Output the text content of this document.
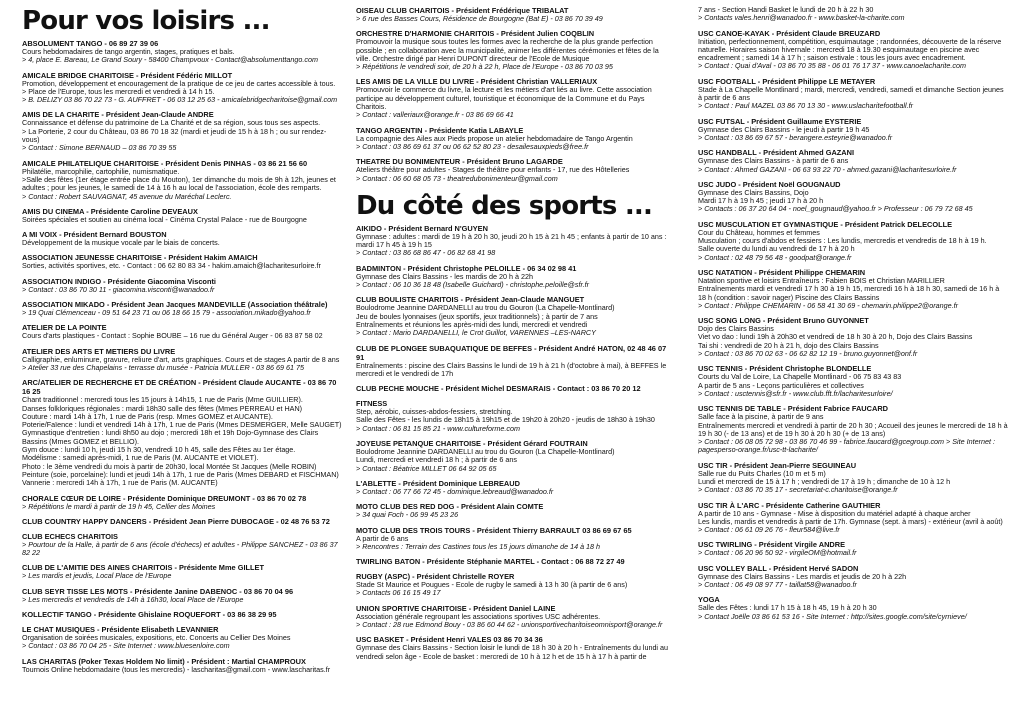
Pour vos loisirs ...
ABSOLUMENT TANGO - 06 89 27 39 06
Cours hebdomadaires de tango argentin, stages, pratiques et bals.
> 4, place E. Bareau, Le Grand Soury - 58400 Champvoux - Contact@absolumenttango.com
AMICALE BRIDGE CHARITOISE - Président Fédéric MILLOT
Promotion, développement et encouragement de la pratique de ce jeu de cartes accessible à tous.
> Place de l'Europe, tous les mercredi et vendredi à 14 h 15.
> B. DELIZY 03 86 70 22 73 - G. AUFFRET - 06 03 12 25 63 - amicalebridgecharitoise@gmail.com
AMIS DE LA CHARITE - Président Jean-Claude ANDRE
Connaissance et défense du patrimoine de La Charité et de sa région, sous tous ses aspects.
> La Porterie, 2 cour du Château, 03 86 70 18 32 (mardi et jeudi de 15 h à 18 h ; ou sur rendez-vous)
> Contact : Simone BERNAUD – 03 86 70 39 55
AMICALE PHILATELIQUE CHARITOISE - Président Denis PINHAS - 03 86 21 56 60
Philatélie, marcophilie, cartophilie, numismatique.
>Salle des fêtes (1er étage entrée place du Mouton), 1er dimanche du mois de 9h à 12h, jeunes et adultes ; pour les jeunes, le samedi de 14 à 16 h au local de l'association, école des remparts.
> Contact : Robert SAUVAGNAT, 45 avenue du Maréchal Leclerc.
AMIS DU CINEMA - Présidente Caroline DEVEAUX
Soirées spéciales et soutien au cinéma local - Cinéma Crystal Palace - rue de Bourgogne
A MI VOIX - Président Bernard BOUSTON
Développement de la musique vocale par le biais de concerts.
ASSOCIATION JEUNESSE CHARITOISE - Président Hakim AMAICH
Sorties, activités sportives, etc. - Contact : 06 62 80 83 34 - hakim.amaich@lacharitesurloire.fr
ASSOCIATION INDIGO - Présidente Giacomina Visconti
> Contact : 03 86 70 30 11 - giacomina.visconti@wanadoo.fr
ASSOCIATION MIKADO - Président Jean Jacques MANDEVILLE (Association théâtrale)
> 19 Quai Clémenceau - 09 51 64 23 71 ou 06 18 66 15 79 - association.mikado@yahoo.fr
ATELIER DE LA POINTE
Cours d'arts plastiques - Contact : Sophie BOUBE – 16 rue du Général Auger - 06 83 87 58 02
ATELIER DES ARTS ET METIERS DU LIVRE
Calligraphie, enluminure, gravure, reliure d'art, arts graphiques. Cours et de stages A partir de 8 ans
> Atelier 33 rue des Chapelains - terrasse du musée - Patricia MULLER - 03 86 69 61 75
ARC/ATELIER DE RECHERCHE ET DE CRÉATION - Président Claude AUCANTE - 03 86 70 16 25
Chant traditionnel : mercredi tous les 15 jours à 14h15, 1 rue de Paris (Mme GUILLIER).
Danses folkloriques régionales : mardi 18h30 salle des fêtes (Mmes PERREAU et HAN)
Couture : mardi 14h à 17h, 1 rue de Paris (resp. Mmes GOMEZ et AUCANTE).
Poterie/Faïence : lundi et vendredi 14h à 17h, 1 rue de Paris (Mmes DESMERGER, Melle SAUGET)
Gymnastique d'entretien : lundi 8h50 au dojo ; mercredi 18h et 19h Dojo-Gymnase des Clairs Bassins (Mmes GOMEZ et BELLIO).
Gym douce : lundi 10 h, jeudi 15 h 30, vendredi 10 h 45, salle des Fêtes au 1er étage.
Modélisme : samedi après-midi, 1 rue de Paris (M. AUCANTE et VIOLET).
Photo : le 3ème vendredi du mois à partir de 20h30, local Montée St Jacques (Melle ROBIN)
Peinture (soie, porcelaine): lundi et jeudi 14h à 17h, 1 rue de Paris (Mmes DEBARD et FISCHMAN)
Vannerie : mercredi 14h à 17h, 1 rue de Paris (M. AUCANTE)
CHORALE CŒUR DE LOIRE - Présidente Dominique DREUMONT - 03 86 70 02 78
> Répétitions le mardi à partir de 19 h 45, Cellier des Moines
CLUB COUNTRY HAPPY DANCERS - Président Jean Pierre DUBOCAGE - 02 48 76 53 72
CLUB ECHECS CHARITOIS
> Pourtour de la Halle, à partir de 6 ans (école d'échecs) et adultes - Philippe SANCHEZ - 03 86 37 82 22
CLUB DE L'AMITIE DES AINES CHARITOIS - Présidente Mme GILLET
> Les mardis et jeudis, Local Place de l'Europe
CLUB SEYR TISSE LES MOTS - Présidente Janine DABENOC - 03 86 70 04 96
> Les mercredis et vendredis de 14h à 16h30, local Place de l'Europe
KOLLECTIF TANGO - Présidente Ghislaine ROQUEFORT - 03 86 38 29 95
LE CHAT MUSIQUES - Présidente Elisabeth LEVANNIER
Organisation de soirées musicales, expositions, etc. Concerts au Cellier Des Moines
> Contact : 03 86 70 04 25 - Site Internet : www.bluesenloire.com
LAS CHARITAS (Poker Texas Holdem No limit) - Président : Martial CHAMPROUX
Tournois Online hebdomadaire (tous les mercredis) - lascharitas@gmail.com - www.lascharitas.fr
OISEAU CLUB CHARITOIS - Président Frédérique TRIBALAT
> 6 rue des Basses Cours, Résidence de Bourgogne (Bat E) - 03 86 70 39 49
ORCHESTRE D'HARMONIE CHARITOIS - Président Julien COQBLIN
Promouvoir la musique sous toutes les formes avec la recherche de la plus grande perfection possible ; en collaboration avec la municipalité, animer les différentes cérémonies et fêtes de la ville. Orchestre dirigé par Henri DUPONT directeur de l'Ecole de Musique
> Répétitions le vendredi soir, de 20 h à 22 h, Place de l'Europe - 03 86 70 03 95
LES AMIS DE LA VILLE DU LIVRE - Président Christian VALLERIAUX
Promouvoir le commerce du livre, la lecture et les métiers d'art liés au livre. Cette association participe au développement culturel, touristique et économique de la Commune et du Pays Charitois.
> Contact : valleriaux@orange.fr - 03 86 69 66 41
TANGO ARGENTIN - Présidente Katia LABAYLE
La compagnie des Ailes aux Pieds propose un atelier hebdomadaire de Tango Argentin
> Contact : 03 86 69 61 37 ou 06 62 52 80 23 - desailesauxpieds@free.fr
THEATRE DU BONIMENTEUR - Président Bruno LAGARDE
Ateliers théâtre pour adultes - Stages de théâtre pour enfants - 17, rue des Hôtelleries
> Contact : 06 60 68 05 73 - theatredubonimenteur@gmail.com
Du côté des sports ...
AIKIDO - Président Bernard N'GUYEN
Gymnase : adultes : mardi de 19 h à 20 h 30, jeudi 20 h 15 à 21 h 45 ; enfants à partir de 10 ans : mardi 17 h 45 à 19 h 15
> Contact : 03 86 68 86 47 - 06 82 68 41 98
BADMINTON - Président Christophe PELOILLE - 06 34 02 98 41
Gymnase des Clairs Bassins - les mardis de 20 h à 22h
> Contact : 06 10 36 18 48 (Isabelle Guichard) - christophe.peloille@sfr.fr
CLUB BOULISTE CHARITOIS - Président Jean-Claude MANGUET
Boulodrome Jeannine DARDANELLI au trou du Gouron (La Chapelle-Montlinard)
Jeu de boules lyonnaises (jeux sportifs, jeux traditionnels) ; à partir de 7 ans
Entraînements et réunions les après-midi des lundi, mercredi et vendredi
> Contact : Mario DARDANELLI, le Crot Guillot, VARENNES –LES-NARCY
CLUB DE PLONGEE SUBAQUATIQUE DE BEFFES - Président André HATON, 02 48 46 07 91
Entraînements : piscine des Clairs Bassins le lundi de 19 h à 21 h (d'octobre à mai), à BEFFES le mercredi et le vendredi de 17h
CLUB PECHE MOUCHE - Président Michel DESMARAIS - Contact : 03 86 70 20 12
FITNESS
Step, aérobic, cuisses-abdos-fessiers, stretching.
Salle des Fêtes - les lundis de 18h15 à 19h15 et de 19h20 à 20h20 - jeudis de 18h30 à 19h30
> Contact : 06 81 15 85 21 - www.cultureforme.com
JOYEUSE PETANQUE CHARITOISE - Président Gérard FOUTRAIN
Boulodrome Jeannine DARDANELLI au trou du Gouron (La Chapelle-Montlinard)
Lundi, mercredi et vendredi 18 h ; à partir de 6 ans
> Contact : Béatrice MILLET 06 64 92 05 65
L'ABLETTE - Président Dominique LEBREAUD
> Contact : 06 77 66 72 45 - dominique.lebreaud@wanadoo.fr
MOTO CLUB DES RED DOG - Président Alain COMTE
> 34 quai Foch - 06 99 45 23 26
MOTO CLUB DES TROIS TOURS - Président Thierry BARRAULT 03 86 69 67 65
A partir de 6 ans
> Rencontres : Terrain des Castines tous les 15 jours dimanche de 14 à 18 h
TWIRLING BATON - Présidente Stéphanie MARTEL - Contact : 06 88 72 27 49
RUGBY (ASPC) - Président Christelle ROYER
Stade St Maurice et Pougues - Ecole de rugby le samedi à 13 h 30 (à partir de 6 ans)
> Contacts 06 16 15 49 17
UNION SPORTIVE CHARITOISE - Président Daniel LAINE
Association générale regroupant les associations sportives USC adhérentes.
> Contact : 28 rue Edmond Bouy - 03 86 60 44 62 - unionsportivecharitoiseomnisport@orange.fr
USC BASKET - Président Henri VALES 03 86 70 34 36
Gymnase des Clairs Bassins - Section loisir le lundi de 18 h 30 à 20 h - Entraînements du lundi au vendredi selon âge - Ecole de basket : mercredi de 10 h à 12 h et de 15 h à 17 h à partir de
7 ans - Section Handi Basket le lundi de 20 h à 22 h 30
> Contacts vales.henri@wanadoo.fr - www.basket-la-charite.com
USC CANOE-KAYAK - Président Claude BREUZARD
Initiation, perfectionnement, compétition, esquimautage ; randonnées, découverte de la réserve naturelle. Horaires saison hivernale : mercredi 18 à 19.30 esquimautage en piscine avec encadrement ; samedi 14 à 17 h ; saison estivale : tous les jours avec encadrement.
> Contact : Quai d'Aval - 03 86 70 35 88 - 06 01 76 17 37 - www.canoelacharite.com
USC FOOTBALL - Président Philippe LE METAYER
Stade à La Chapelle Montlinard ; mardi, mercredi, vendredi, samedi et dimanche Section jeunes à partir de 6 ans
> Contact : Paul MAZEL 03 86 70 13 30 - www.uslacharitefootball.fr
USC FUTSAL - Président Guillaume EYSTERIE
Gymnase des Clairs Bassins - le jeudi à partir 19 h 45
> Contact : 03 86 69 67 57 - berangere.esteyrie@wanadoo.fr
USC HANDBALL - Président Ahmed GAZANI
Gymnase des Clairs Bassins - à partir de 6 ans
> Contact : Ahmed GAZANI - 06 63 93 22 70 - ahmed.gazani@lacharitesurloire.fr
USC JUDO - Président Noël GOUGNAUD
Gymnase des Clairs Bassins, Dojo
Mardi 17 h à 19 h 45 ; jeudi 17 h à 20 h
> Contacts : 06 37 20 64 04 - noel_gougnaud@yahoo.fr > Professeur : 06 79 72 68 45
USC MUSCULATION ET GYMNASTIQUE - Président Patrick DELECOLLE
Cour du Château, hommes et femmes
Musculation ; cours d'abdos et fessiers : Les lundis, mercredis et vendredis de 18 h à 19 h.
Salle ouverte du lundi au vendredi de 17 h à 20 h
> Contact : 02 48 79 56 48 - goodpat@orange.fr
USC NATATION - Président Philippe CHEMARIN
Natation sportive et loisirs Entraîneurs : Fabien BOIS et Christian MARILLIER
Entraînements mardi et vendredi 17 h 30 à 19 h 15, mercredi 16 h à 18 h 30, samedi de 16 h à 18 h (condition : savoir nager) Piscine des Clairs Bassins
> Contact : Philippe CHEMARIN - 06 58 41 30 69 - chemarin.philippe2@orange.fr
USC SONG LONG - Président Bruno GUYONNET
Dojo des Clairs Bassins
Viet vo dao : lundi 19h à 20h30 et vendredi de 18 h 30 à 20 h, Dojo des Clairs Bassins
Tai shi : vendredi de 20 h à 21 h, dojo des Clairs Bassins
> Contact : 03 86 70 02 63 - 06 62 82 12 19 - bruno.guyonnet@onf.fr
USC TENNIS - Président Christophe BLONDELLE
Courts du Val de Loire, La Chapelle Montlinard - 06 75 83 43 83
A partir de 5 ans - Leçons particulières et collectives
> Contact : usctennis@sfr.fr - www.club.fft.fr/lacharitesurloire/
USC TENNIS DE TABLE - Président Fabrice FAUCARD
Salle face à la piscine, à partir de 9 ans
Entraînements mercredi et vendredi à partir de 20 h 30 ; Accueil des jeunes le mercredi de 18 h à 19 h 30 (- de 13 ans) et de 19 h 30 à 20 h 30 (+ de 13 ans)
> Contact : 06 08 05 72 98 - 03 86 70 46 99 - fabrice.faucard@gcegroup.com > Site Internet : pagesperso-orange.fr/usc-tt-lacharite/
USC TIR - Président Jean-Pierre SEGUINEAU
Salle rue du Puits Charles (10 m et 5 m)
Lundi et mercredi de 15 à 17 h ; vendredi de 17 à 19 h ; dimanche de 10 à 12 h
> Contact : 03 86 70 35 17 - secretariat-c.charitoise@orange.fr
USC TIR À L'ARC - Présidente Catherine GAUTHIER
A partir de 10 ans - Gymnase - Mise à disposition du matériel adapté à chaque archer
Les lundis, mardis et vendredis à partir de 17h. Gymnase (sept. à mars) - extérieur (avril à août)
> Contact : 06 61 09 26 76 - fleur584@live.fr
USC TWIRLING - Président Virgile ANDRE
> Contact : 06 20 96 50 92 - virgileOM@hotmail.fr
USC VOLLEY BALL - Président Hervé SADON
Gymnase des Clairs Bassins - Les mardis et jeudis de 20 h à 22h
> Contact : 06 49 08 97 77 - taillat58@wanadoo.fr
YOGA
Salle des Fêtes : lundi 17 h 15 à 18 h 45, 19 h à 20 h 30
> Contact Joëlle 03 86 61 53 16 - Site Internet : http://sites.google.com/site/cyrnieve/
